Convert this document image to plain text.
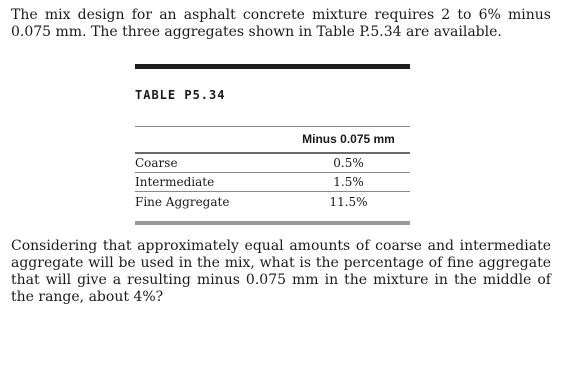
The mix design for an asphalt concrete mixture requires 2 to 6% minus 0.075 mm. The three aggregates shown in Table P.5.34 are available.

TABLE P5.34
Minus 0.075 mm
Coarse	0.5%
Intermediate	1.5%
Fine Aggregate	11.5%

Considering that approximately equal amounts of coarse and intermediate aggregate will be used in the mix, what is the percentage of fine aggregate that will give a resulting minus 0.075 mm in the mixture in the middle of the range, about 4%?
